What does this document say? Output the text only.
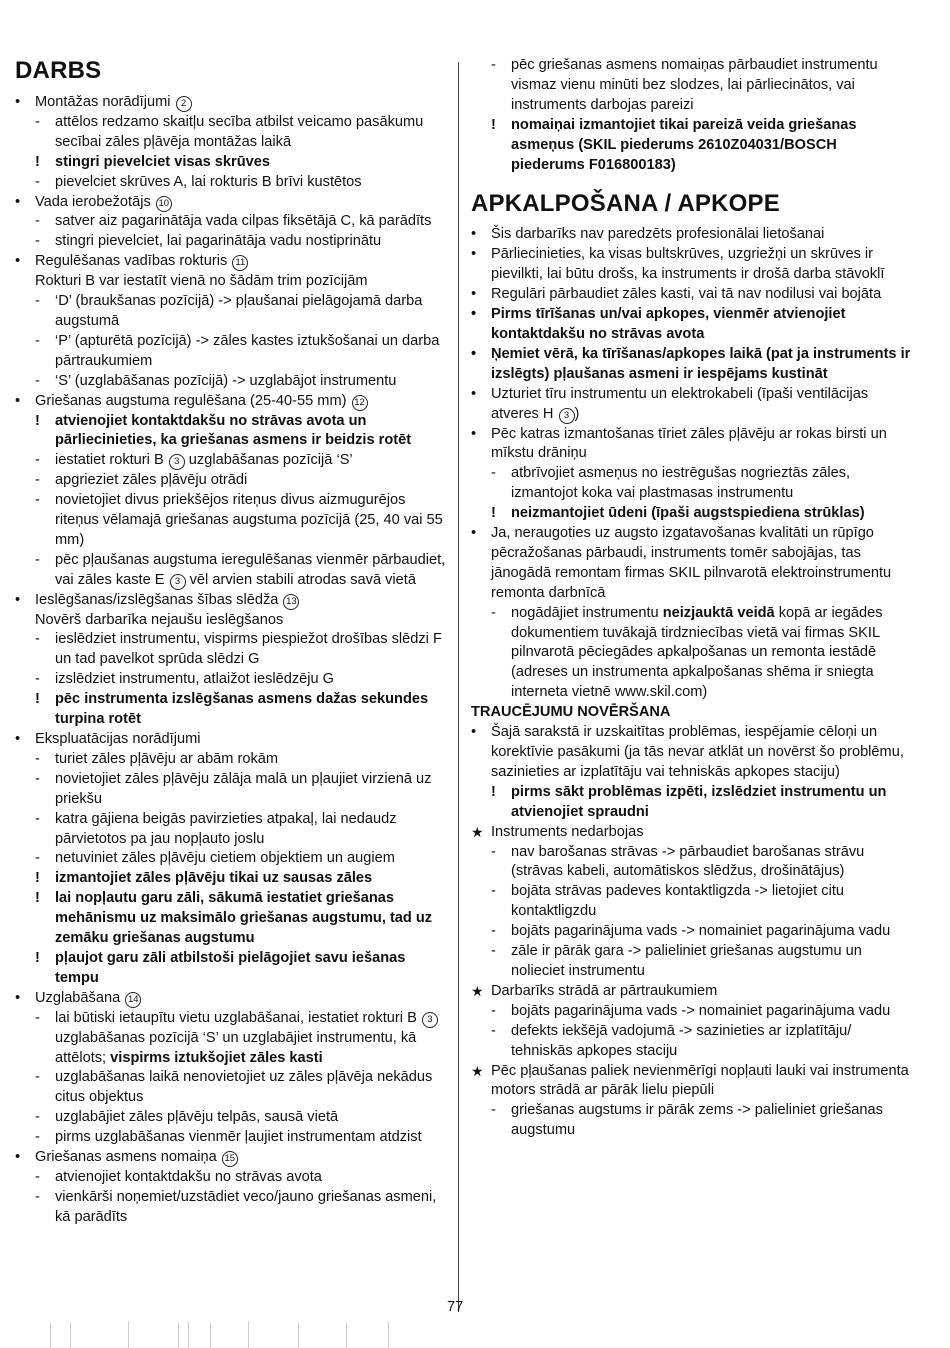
DARBS
•	Montāžas norādījumi 2
-	attēlos redzamo skaitļu secība atbilst veicamo pasākumu secībai zāles pļāvēja montāžas laikā
!	stingri pievelciet visas skrūves
-	pievelciet skrūves A, lai rokturis B brīvi kustētos
•	Vada ierobežotājs 10
-	satver aiz pagarinātāja vada cilpas fiksētājā C, kā parādīts
-	stingri pievelciet, lai pagarinātāja vadu nostiprinātu
•	Regulēšanas vadības rokturis 11
Rokturi B var iestatīt vienā no šādām trim pozīcijām
-	‘D’ (braukšanas pozīcijā) -> pļaušanai pielāgojamā darba augstumā
-	‘P’ (apturētā pozīcijā) -> zāles kastes iztukšošanai un darba pārtraukumiem
-	‘S’ (uzglabāšanas pozīcijā) -> uzglabājot instrumentu
•	Griešanas augstuma regulēšana (25-40-55 mm) 12
!	atvienojiet kontaktdakšu no strāvas avota un pārliecinieties, ka griešanas asmens ir beidzis rotēt
-	iestatiet rokturi B 3 uzglabāšanas pozīcijā ‘S’
-	apgrieziet zāles pļāvēju otrādi
-	novietojiet divus priekšējos riteņus divus aizmugurējos riteņus vēlamajā griešanas augstuma pozīcijā (25, 40 vai 55 mm)
-	pēc pļaušanas augstuma ieregulēšanas vienmēr pārbaudiet, vai zāles kaste E 3 vēl arvien stabili atrodas savā vietā
•	Ieslēgšanas/izslēgšanas šības slēdža 13
Novērš darbarīka nejaušu ieslēgšanos
-	ieslēdziet instrumentu, vispirms piespiežot drošības slēdzi F un tad pavelkot sprūda slēdzi G
-	izslēdziet instrumentu, atlaižot ieslēdzēju G
!	pēc instrumenta izslēgšanas asmens dažas sekundes turpina rotēt
•	Ekspluatācijas norādījumi
-	turiet zāles pļāvēju ar abām rokām
-	novietojiet zāles pļāvēju zālāja malā un pļaujiet virzienā uz priekšu
-	katra gājiena beigās pavirzieties atpakaļ, lai nedaudz pārvietotos pa jau nopļauto joslu
-	netuviniet zāles pļāvēju cietiem objektiem un augiem
!	izmantojiet zāles pļāvēju tikai uz sausas zāles
!	lai nopļautu garu zāli, sākumā iestatiet griešanas mehānismu uz maksimālo griešanas augstumu, tad uz zemāku griešanas augstumu
!	pļaujot garu zāli atbilstoši pielāgojiet savu iešanas tempu
•	Uzglabāšana 14
-	lai būtiski ietaupītu vietu uzglabāšanai, iestatiet rokturi B 3 uzglabāšanas pozīcijā ‘S’ un uzglabājiet instrumentu, kā attēlots; vispirms iztukšojiet zāles kasti
-	uzglabāšanas laikā nenovietojiet uz zāles pļāvēja nekādus citus objektus
-	uzglabājiet zāles pļāvēju telpās, sausā vietā
-	pirms uzglabāšanas vienmēr ļaujiet instrumentam atdzist
•	Griešanas asmens nomaiņa 15
-	atvienojiet kontaktdakšu no strāvas avota
-	vienkārši noņemiet/uzstādiet veco/jauno griešanas asmeni, kā parādīts
-	pēc griešanas asmens nomaiņas pārbaudiet instrumentu vismaz vienu minūti bez slodzes, lai pārliecinātos, vai instruments darbojas pareizi
!	nomaiņai izmantojiet tikai pareizā veida griešanas asmeņus (SKIL piederums 2610Z04031/BOSCH piederums F016800183)
APKALPOŠANA / APKOPE
•	Šis darbarīks nav paredzēts profesionālai lietošanai
•	Pārliecinieties, ka visas bultskrūves, uzgriežņi un skrūves ir pievilkti, lai būtu drošs, ka instruments ir drošā darba stāvoklī
•	Regulāri pārbaudiet zāles kasti, vai tā nav nodilusi vai bojāta
•	Pirms tīrīšanas un/vai apkopes, vienmēr atvienojiet kontaktdakšu no strāvas avota
•	Ņemiet vērā, ka tīrīšanas/apkopes laikā (pat ja instruments ir izslēgts) pļaušanas asmeni ir iespējams kustināt
•	Uzturiet tīru instrumentu un elektrokabeli (īpaši ventilācijas atveres H 3 )
•	Pēc katras izmantošanas tīriet zāles pļāvēju ar rokas birsti un mīkstu drāniņu
-	atbrīvojiet asmeņus no iestrēgušas nogrieztās zāles, izmantojot koka vai plastmasas instrumentu
!	neizmantojiet ūdeni (īpaši augstspiediena strūklas)
•	Ja, neraugoties uz augsto izgatavošanas kvalitāti un rūpīgo pēcražošanas pārbaudi, instruments tomēr sabojājas, tas jānogādā remontam firmas SKIL pilnvarotā elektroinstrumentu remonta darbnīcā
-	nogādājiet instrumentu neizjauktā veidā kopā ar iegādes dokumentiem tuvākajā tirdzniecības vietā vai firmas SKIL pilnvarotā pēciegādes apkalpošanas un remonta iestādē (adreses un instrumenta apkalpošanas shēma ir sniegta interneta vietnē www.skil.com)
TRAUCĒJUMU NOVĒRŠANA
•	Šajā sarakstā ir uzskaitītas problēmas, iespējamie cēloņi un korektīvie pasākumi (ja tās nevar atklāt un novērst šo problēmu, sazinieties ar izplatītāju vai tehniskās apkopes staciju)
!	pirms sākt problēmas izpēti, izslēdziet instrumentu un atvienojiet spraudni
★ Instruments nedarbojas
-	nav barošanas strāvas -> pārbaudiet barošanas strāvu (strāvas kabeli, automātiskos slēdžus, drošinātājus)
-	bojāta strāvas padeves kontaktligzda -> lietojiet citu kontaktligzdu
-	bojāts pagarinājuma vads -> nomainiet pagarinājuma vadu
-	zāle ir pārāk gara -> palieliniet griešanas augstumu un nolieciet instrumentu
★ Darbarīks strādā ar pārtraukumiem
-	bojāts pagarinājuma vads -> nomainiet pagarinājuma vadu
-	defekts iekšējā vadojumā -> sazinieties ar izplatītāju/ tehniskās apkopes staciju
★ Pēc pļaušanas paliek nevienmērīgi nopļauti lauki vai instrumenta motors strādā ar pārāk lielu piepūli
-	griešanas augstums ir pārāk zems -> palieliniet griešanas augstumu
77
